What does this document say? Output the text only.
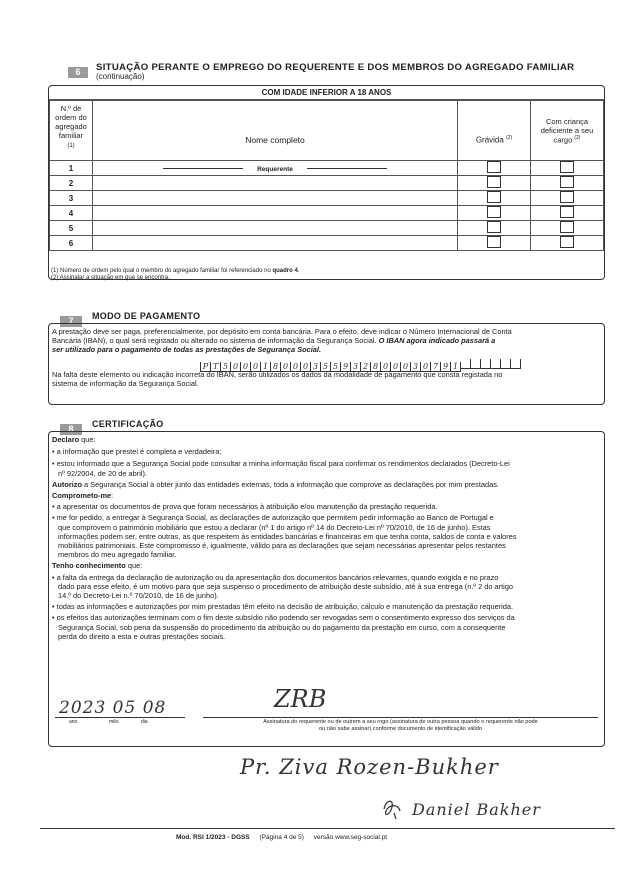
6	SITUAÇÃO PERANTE O EMPREGO DO REQUERENTE E DOS MEMBROS DO AGREGADO FAMILIAR
(continuação)
COM IDADE INFERIOR A 18 ANOS
N.º de ordem do agregado familiar
(1)	Nome completo	Grávida $^{(2)}$	Com criança deficiente a seu cargo $^{(2)}$
1	Requerente		
2			
3			
4			
5			
6			
(1) Número de ordem pelo qual o membro do agregado familiar foi referenciado no quadro 4.
(2) Assinalar a situação em que se encontra.
7	MODO DE PAGAMENTO
A prestação deve ser paga, preferencialmente, por depósito em conta bancária. Para o efeito, deve indicar o Número Internacional de Conta
Bancária (IBAN), o qual será registado ou alterado no sistema de informação da Segurança Social. O IBAN agora indicado passará a
ser utilizado para o pagamento de todas as prestações de Segurança Social.
P T 5 0 0 0 1 8 0 0 0 3 5 5 9 3 2 8 0 0 0 3 0 7 9 1
Na falta deste elemento ou indicação incorreta do IBAN, serão utilizados os dados da modalidade de pagamento que consta registada no
sistema de informação da Segurança Social.
8	CERTIFICAÇÃO
Declaro que:
• a informação que prestei é completa e verdadeira;
• estou informado que a Segurança Social pode consultar a minha informação fiscal para confirmar os rendimentos declarados (Decreto-Lei
nº 92/2004, de 20 de abril).
Autorizo a Segurança Social a obter junto das entidades externas, toda a informação que comprove as declarações por mim prestadas.
Comprometo-me:
• a apresentar os documentos de prova que foram necessários à atribuição e/ou manutenção da prestação requerida.
• me for pedido, a entregar à Segurança Social, as declarações de autorização que permitem pedir informação ao Banco de Portugal e
que comprovem o património mobiliário que estou a declarar (nº 1 do artigo nº 14 do Decreto-Lei nº 70/2010, de 16 de junho). Estas
informações podem ser, entre outras, as que respeitem às entidades bancárias e financeiras em que tenha conta, saldos de conta e valores
mobiliários patrimoniais. Este compromisso é, igualmente, válido para as declarações que sejam necessárias apresentar pelos restantes
membros do meu agregado familiar.
Tenho conhecimento que:
• a falta da entrega da declaração de autorização ou da apresentação dos documentos bancários relevantes, quando exigida e no prazo
dado para esse efeito, é um motivo para que seja suspenso o procedimento de atribuição deste subsídio, até à sua entrega (n.º 2 do artigo
14.º do Decreto-Lei n.º 70/2010, de 16 de junho).
• todas as informações e autorizações por mim prestadas têm efeito na decisão de atribuição, cálculo e manutenção da prestação requerida.
• os efeitos das autorizações terminam com o fim deste subsídio não podendo ser revogadas sem o consentimento expresso dos serviços da
Segurança Social, sob pena da suspensão do procedimento da atribuição ou do pagamento da prestação em curso, com a consequente
perda do direito a esta e outras prestações sociais.
2023 05 08
ano	mês	dia
ZRB
Assinatura do requerente ou de outrem a seu rogo (assinatura de outra pessoa quando o requerente não pode
ou não sabe assinar) conforme documento de identificação válido
Pr. Ziva Rozen-Bukher
Daniel Bakher
Mod. RSI 1/2023 - DGSS (Página 4 de 5) versão www.seg-social.pt
